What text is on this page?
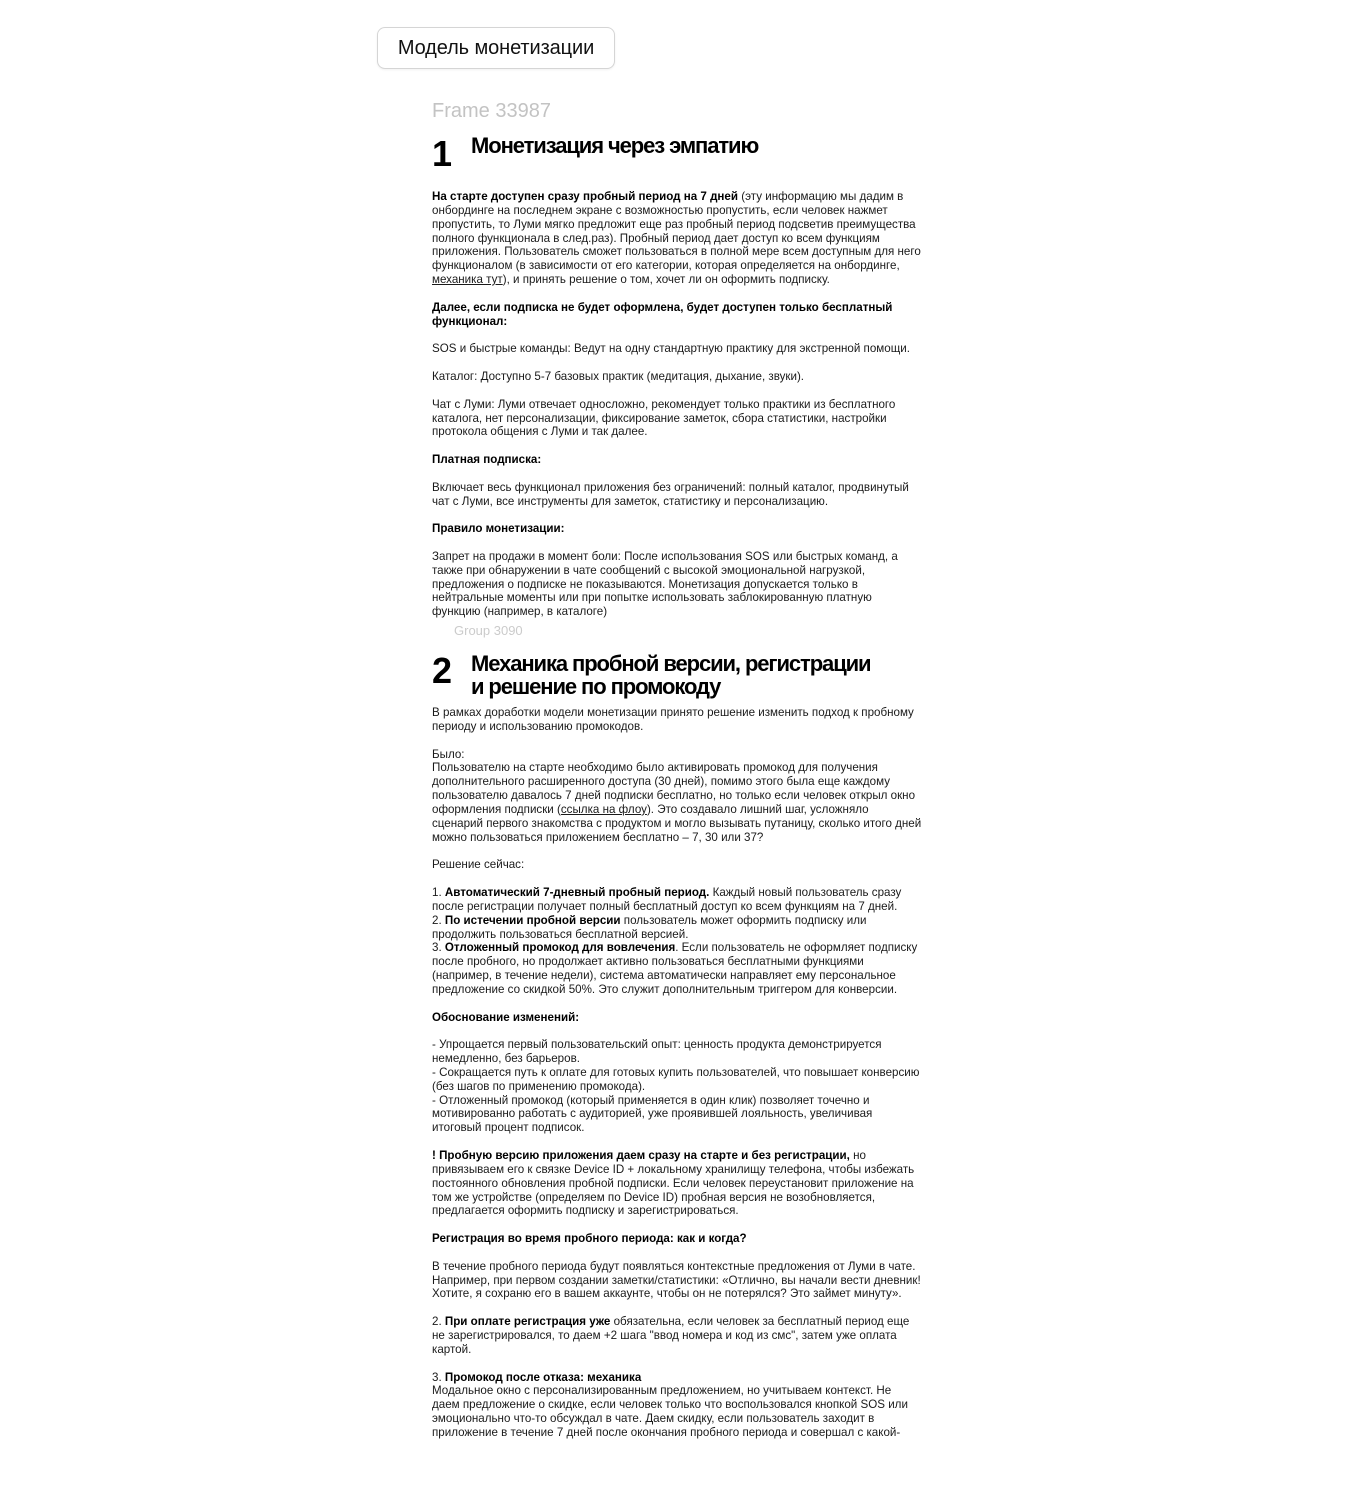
Модель монетизации
Frame 33987
1 Монетизация через эмпатию

На старте доступен сразу пробный период на 7 дней (эту информацию мы дадим в онбординге на последнем экране с возможностью пропустить, если человек нажмет пропустить, то Луми мягко предложит еще раз пробный период подсветив преимущества полного функционала в след.раз). Пробный период дает доступ ко всем функциям приложения. Пользователь сможет пользоваться в полной мере всем доступным для него функционалом (в зависимости от его категории, которая определяется на онбординге, механика тут), и принять решение о том, хочет ли он оформить подписку.

Далее, если подписка не будет оформлена, будет доступен только бесплатный функционал:

SOS и быстрые команды: Ведут на одну стандартную практику для экстренной помощи.

Каталог: Доступно 5-7 базовых практик (медитация, дыхание, звуки).

Чат с Луми: Луми отвечает односложно, рекомендует только практики из бесплатного каталога, нет персонализации, фиксирование заметок, сбора статистики, настройки протокола общения с Луми и так далее.

Платная подписка:

Включает весь функционал приложения без ограничений: полный каталог, продвинутый чат с Луми, все инструменты для заметок, статистику и персонализацию.

Правило монетизации:

Запрет на продажи в момент боли: После использования SOS или быстрых команд, а также при обнаружении в чате сообщений с высокой эмоциональной нагрузкой, предложения о подписке не показываются. Монетизация допускается только в нейтральные моменты или при попытке использовать заблокированную платную функцию (например, в каталоге)

2 Механика пробной версии, регистрации
и решение по промокоду

В рамках доработки модели монетизации принято решение изменить подход к пробному периоду и использованию промокодов.

Было:
Пользователю на старте необходимо было активировать промокод для получения дополнительного расширенного доступа (30 дней), помимо этого была еще каждому пользователю давалось 7 дней подписки бесплатно, но только если человек открыл окно оформления подписки (ссылка на флоу). Это создавало лишний шаг, усложняло сценарий первого знакомства с продуктом и могло вызывать путаницу, сколько итого дней можно пользоваться приложением бесплатно – 7, 30 или 37?

Решение сейчас:

1. Автоматический 7-дневный пробный период. Каждый новый пользователь сразу после регистрации получает полный бесплатный доступ ко всем функциям на 7 дней.
2. По истечении пробной версии пользователь может оформить подписку или продолжить пользоваться бесплатной версией.
3. Отложенный промокод для вовлечения. Если пользователь не оформляет подписку после пробного, но продолжает активно пользоваться бесплатными функциями (например, в течение недели), система автоматически направляет ему персональное предложение со скидкой 50%. Это служит дополнительным триггером для конверсии.

Обоснование изменений:

- Упрощается первый пользовательский опыт: ценность продукта демонстрируется немедленно, без барьеров.
- Сокращается путь к оплате для готовых купить пользователей, что повышает конверсию (без шагов по применению промокода).
- Отложенный промокод (который применяется в один клик) позволяет точечно и мотивированно работать с аудиторией, уже проявившей лояльность, увеличивая итоговый процент подписок.

! Пробную версию приложения даем сразу на старте и без регистрации, но привязываем его к связке Device ID + локальному хранилищу телефона, чтобы избежать постоянного обновления пробной подписки. Если человек переустановит приложение на том же устройстве (определяем по Device ID) пробная версия не возобновляется, предлагается оформить подписку и зарегистрироваться.

Регистрация во время пробного периода: как и когда?

В течение пробного периода будут появляться контекстные предложения от Луми в чате. Например, при первом создании заметки/статистики: «Отлично, вы начали вести дневник! Хотите, я сохраню его в вашем аккаунте, чтобы он не потерялся? Это займет минуту».

2. При оплате регистрация уже обязательна, если человек за бесплатный период еще не зарегистрировался, то даем +2 шага "ввод номера и код из смс", затем уже оплата картой.

3. Промокод после отказа: механика
Модальное окно с персонализированным предложением, но учитываем контекст. Не даем предложение о скидке, если человек только что воспользовался кнопкой SOS или эмоционально что-то обсуждал в чате. Даем скидку, если пользователь заходит в приложение в течение 7 дней после окончания пробного периода и совершал с какой-

Group 3090
